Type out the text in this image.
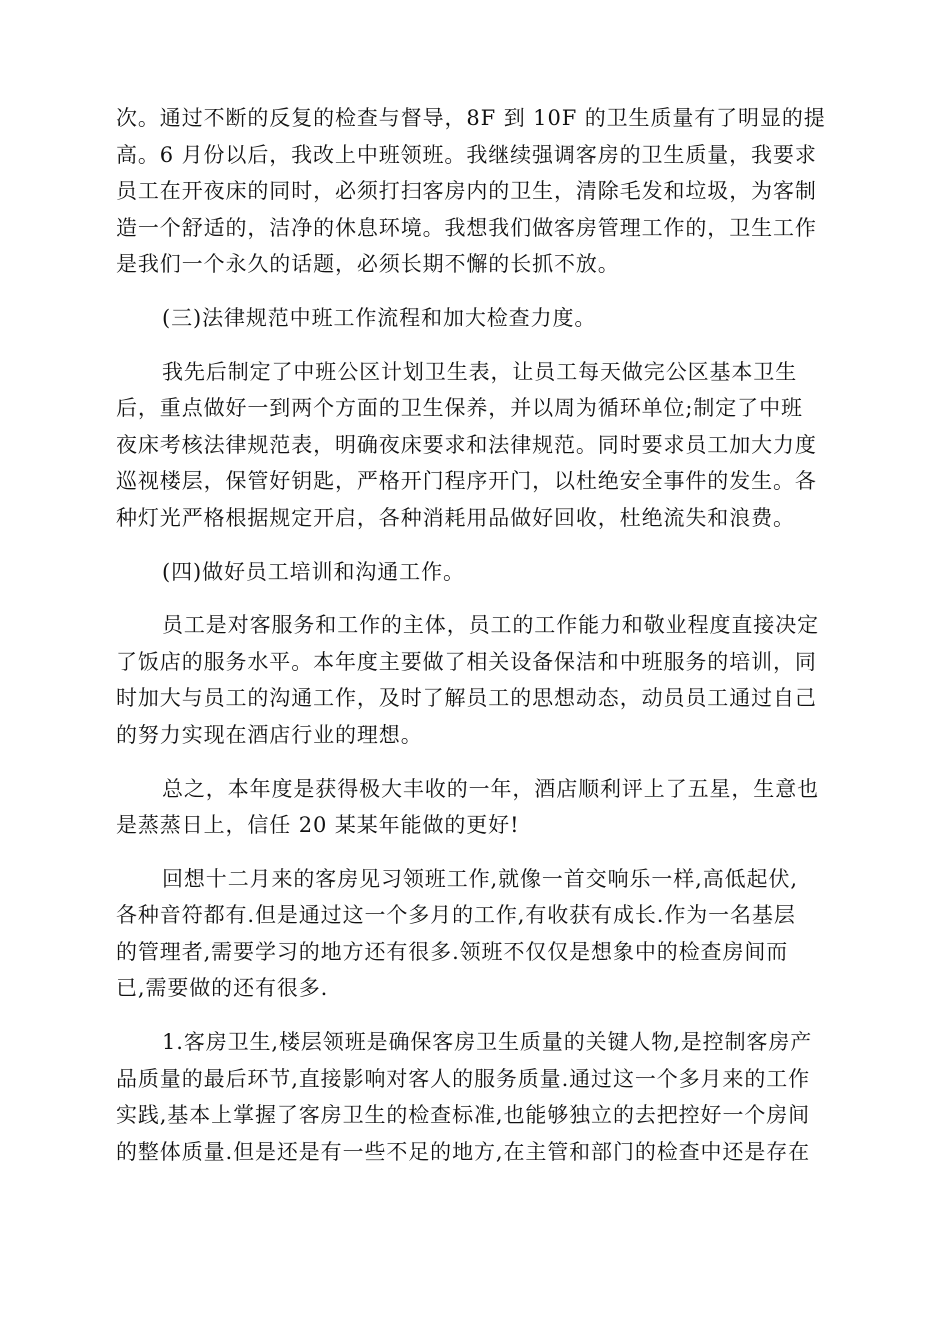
次。通过不断的反复的检查与督导，8F 到 10F 的卫生质量有了明显的提
高。6 月份以后，我改上中班领班。我继续强调客房的卫生质量，我要求
员工在开夜床的同时，必须打扫客房内的卫生，清除毛发和垃圾，为客制
造一个舒适的，洁净的休息环境。我想我们做客房管理工作的，卫生工作
是我们一个永久的话题，必须长期不懈的长抓不放。

(三)法律规范中班工作流程和加大检查力度。

我先后制定了中班公区计划卫生表，让员工每天做完公区基本卫生
后，重点做好一到两个方面的卫生保养，并以周为循环单位;制定了中班
夜床考核法律规范表，明确夜床要求和法律规范。同时要求员工加大力度
巡视楼层，保管好钥匙，严格开门程序开门，以杜绝安全事件的发生。各
种灯光严格根据规定开启，各种消耗用品做好回收，杜绝流失和浪费。

(四)做好员工培训和沟通工作。

员工是对客服务和工作的主体，员工的工作能力和敬业程度直接决定
了饭店的服务水平。本年度主要做了相关设备保洁和中班服务的培训，同
时加大与员工的沟通工作，及时了解员工的思想动态，动员员工通过自己
的努力实现在酒店行业的理想。

总之，本年度是获得极大丰收的一年，酒店顺利评上了五星，生意也
是蒸蒸日上，信任 20 某某年能做的更好!

回想十二月来的客房见习领班工作,就像一首交响乐一样,高低起伏,
各种音符都有.但是通过这一个多月的工作,有收获有成长.作为一名基层
的管理者,需要学习的地方还有很多.领班不仅仅是想象中的检查房间而
已,需要做的还有很多.

1.客房卫生,楼层领班是确保客房卫生质量的关键人物,是控制客房产
品质量的最后环节,直接影响对客人的服务质量.通过这一个多月来的工作
实践,基本上掌握了客房卫生的检查标准,也能够独立的去把控好一个房间
的整体质量.但是还是有一些不足的地方,在主管和部门的检查中还是存在
